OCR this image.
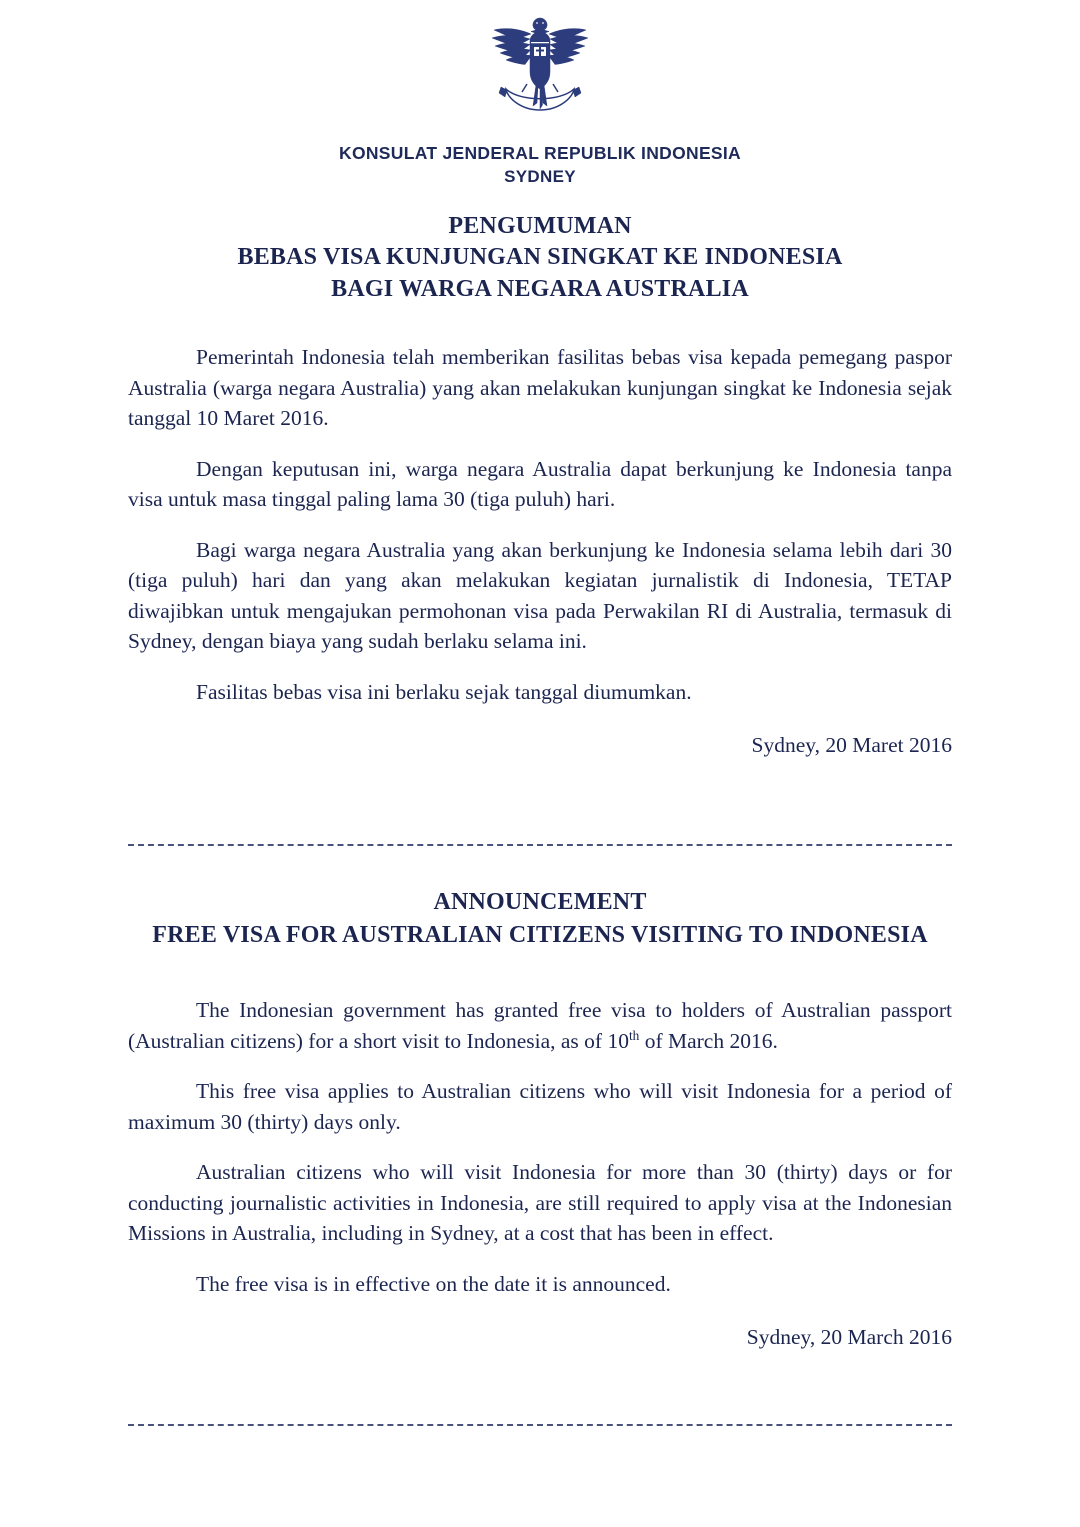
KONSULAT JENDERAL REPUBLIK INDONESIA
SYDNEY
PENGUMUMAN
BEBAS VISA KUNJUNGAN SINGKAT KE INDONESIA
BAGI WARGA NEGARA AUSTRALIA

Pemerintah Indonesia telah memberikan fasilitas bebas visa kepada pemegang paspor Australia (warga negara Australia) yang akan melakukan kunjungan singkat ke Indonesia sejak tanggal 10 Maret 2016.

Dengan keputusan ini, warga negara Australia dapat berkunjung ke Indonesia tanpa visa untuk masa tinggal paling lama 30 (tiga puluh) hari.

Bagi warga negara Australia yang akan berkunjung ke Indonesia selama lebih dari 30 (tiga puluh) hari dan yang akan melakukan kegiatan jurnalistik di Indonesia, TETAP diwajibkan untuk mengajukan permohonan visa pada Perwakilan RI di Australia, termasuk di Sydney, dengan biaya yang sudah berlaku selama ini.

Fasilitas bebas visa ini berlaku sejak tanggal diumumkan.

Sydney, 20 Maret 2016
ANNOUNCEMENT
FREE VISA FOR AUSTRALIAN CITIZENS VISITING TO INDONESIA

The Indonesian government has granted free visa to holders of Australian passport (Australian citizens) for a short visit to Indonesia, as of 10th of March 2016.

This free visa applies to Australian citizens who will visit Indonesia for a period of maximum 30 (thirty) days only.

Australian citizens who will visit Indonesia for more than 30 (thirty) days or for conducting journalistic activities in Indonesia, are still required to apply visa at the Indonesian Missions in Australia, including in Sydney, at a cost that has been in effect.

The free visa is in effective on the date it is announced.

Sydney, 20 March 2016
